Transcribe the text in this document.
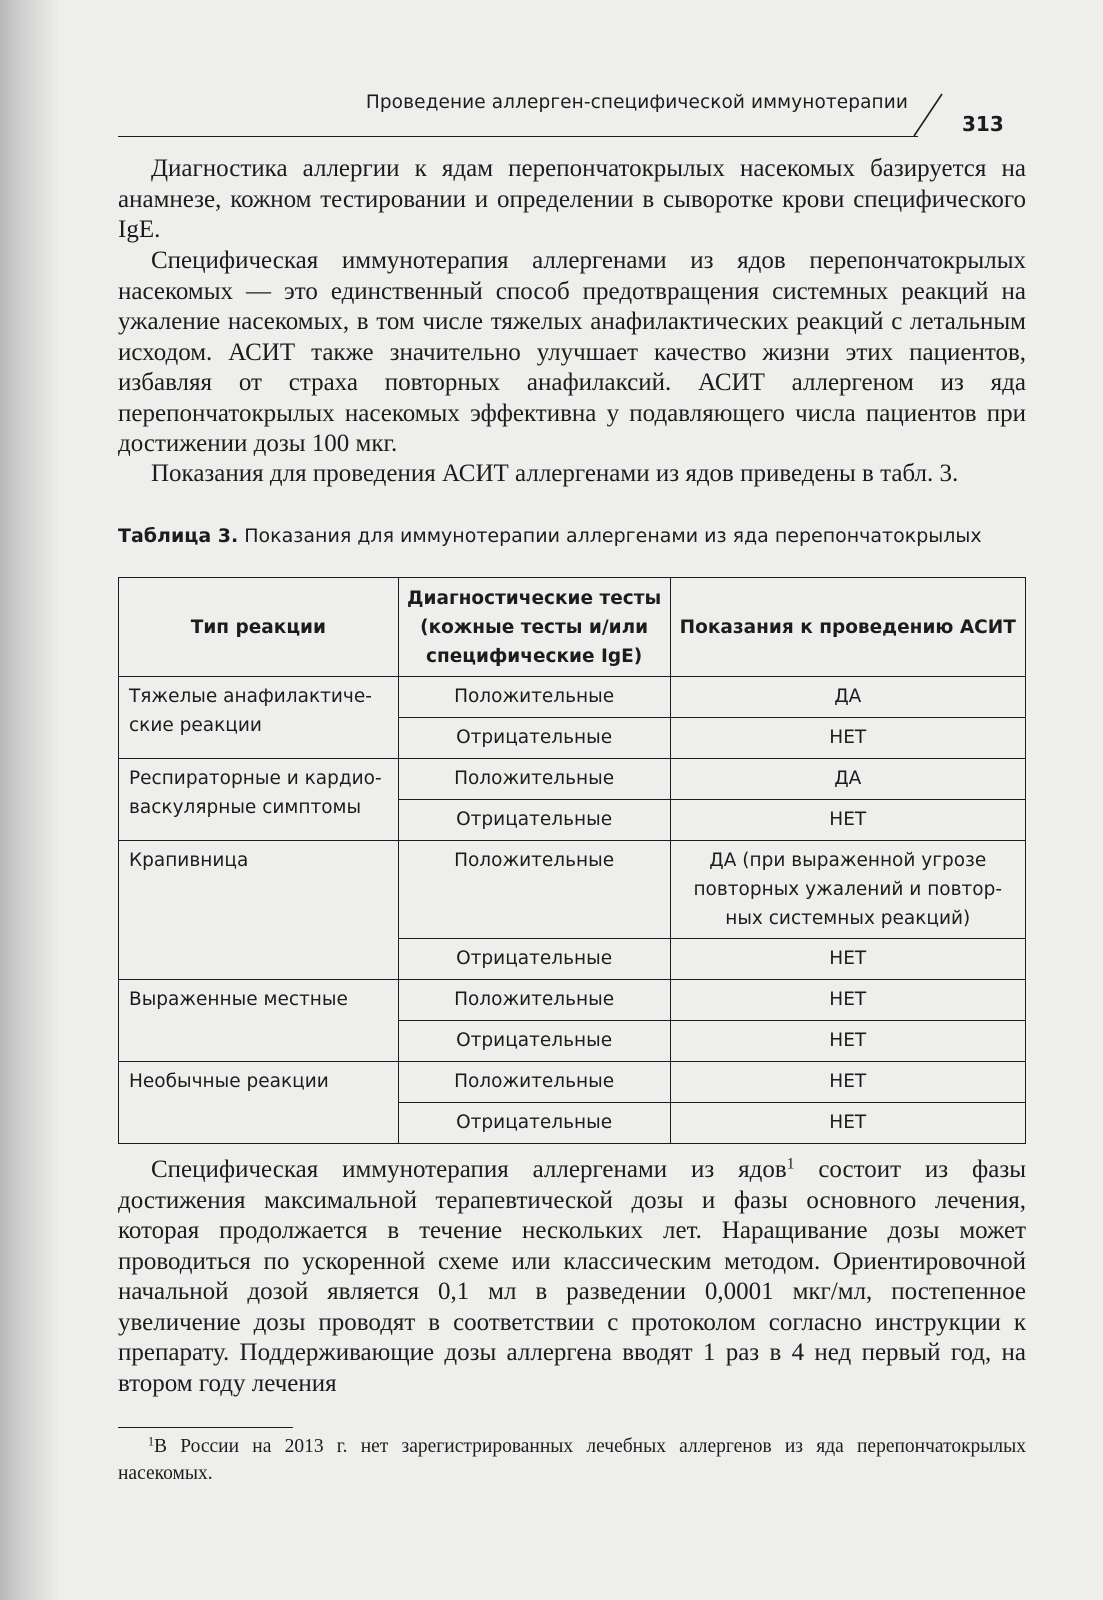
Проведение аллерген-специфической иммунотерапии
313

Диагностика аллергии к ядам перепончатокрылых насекомых базируется на анамнезе, кожном тестировании и определении в сыворотке крови специфического IgE.

Специфическая иммунотерапия аллергенами из ядов перепончатокрылых насекомых — это единственный способ предотвращения системных реакций на ужаление насекомых, в том числе тяжелых анафилактических реакций с летальным исходом. АСИТ также значительно улучшает качество жизни этих пациентов, избавляя от страха повторных анафилаксий. АСИТ аллергеном из яда перепончатокрылых насекомых эффективна у подавляющего числа пациентов при достижении дозы 100 мкг.

Показания для проведения АСИТ аллергенами из ядов приведены в табл. 3.

Таблица 3. Показания для иммунотерапии аллергенами из яда перепончатокрылых
Тип реакции	Диагностические тесты (кожные тесты и/или специфические IgE)	Показания к проведению АСИТ
Тяжелые анафилактические реакции	Положительные	ДА
	Отрицательные	НЕТ
Респираторные и кардиоваскулярные симптомы	Положительные	ДА
	Отрицательные	НЕТ
Крапивница	Положительные	ДА (при выраженной угрозе повторных ужалений и повторных системных реакций)
	Отрицательные	НЕТ
Выраженные местные	Положительные	НЕТ
	Отрицательные	НЕТ
Необычные реакции	Положительные	НЕТ
	Отрицательные	НЕТ

Специфическая иммунотерапия аллергенами из ядов$^1$ состоит из фазы достижения максимальной терапевтической дозы и фазы основного лечения, которая продолжается в течение нескольких лет. Наращивание дозы может проводиться по ускоренной схеме или классическим методом. Ориентировочной начальной дозой является 0,1 мл в разведении 0,0001 мкг/мл, постепенное увеличение дозы проводят в соответствии с протоколом согласно инструкции к препарату. Поддерживающие дозы аллергена вводят 1 раз в 4 нед первый год, на втором году лечения

$^1$В России на 2013 г. нет зарегистрированных лечебных аллергенов из яда перепончатокрылых насекомых.
